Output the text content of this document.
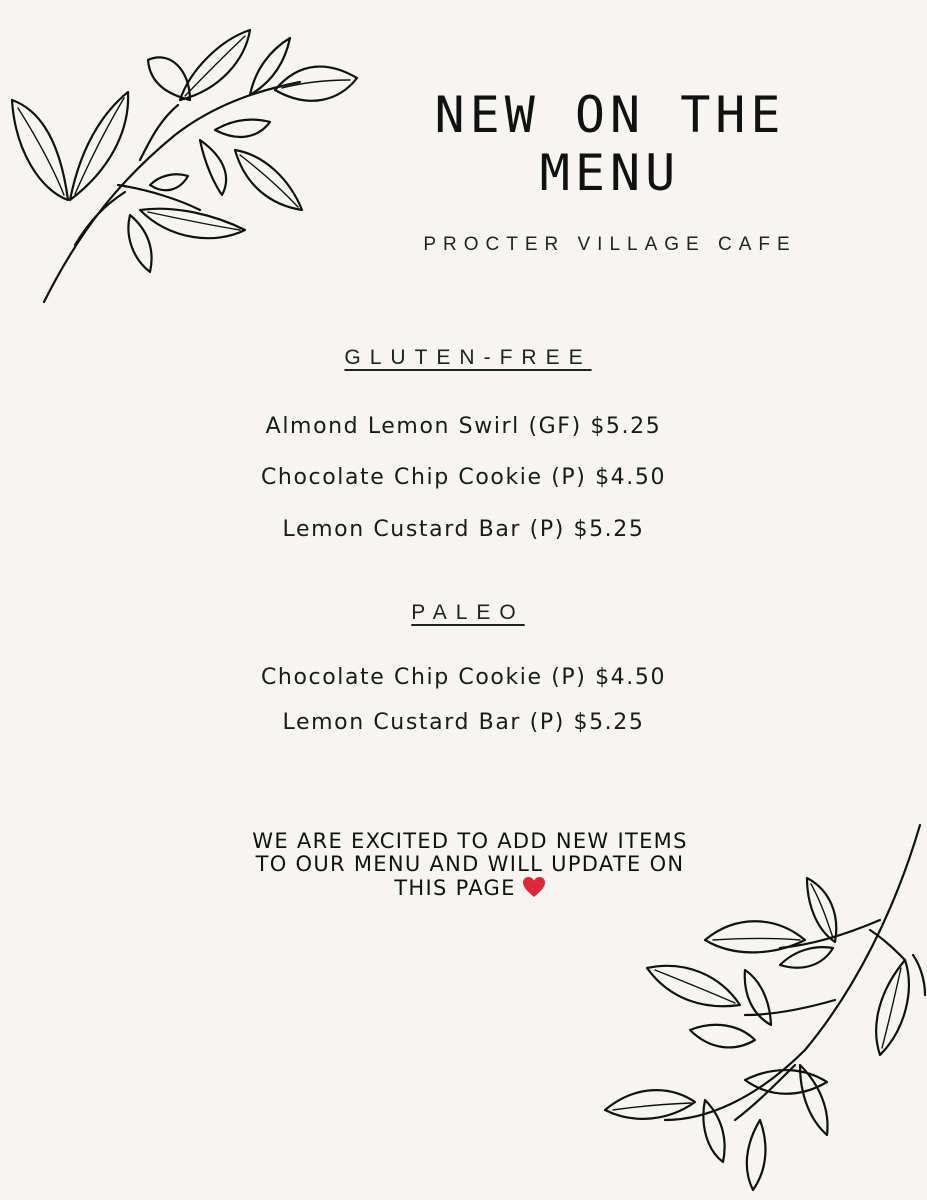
NEW ON THE
MENU
PROCTER VILLAGE CAFE
GLUTEN-FREE
Almond Lemon Swirl (GF) $5.25
Chocolate Chip Cookie (P) $4.50
Lemon Custard Bar (P) $5.25
PALEO
Chocolate Chip Cookie (P) $4.50
Lemon Custard Bar (P) $5.25
WE ARE EXCITED TO ADD NEW ITEMS
TO OUR MENU AND WILL UPDATE ON
THIS PAGE
